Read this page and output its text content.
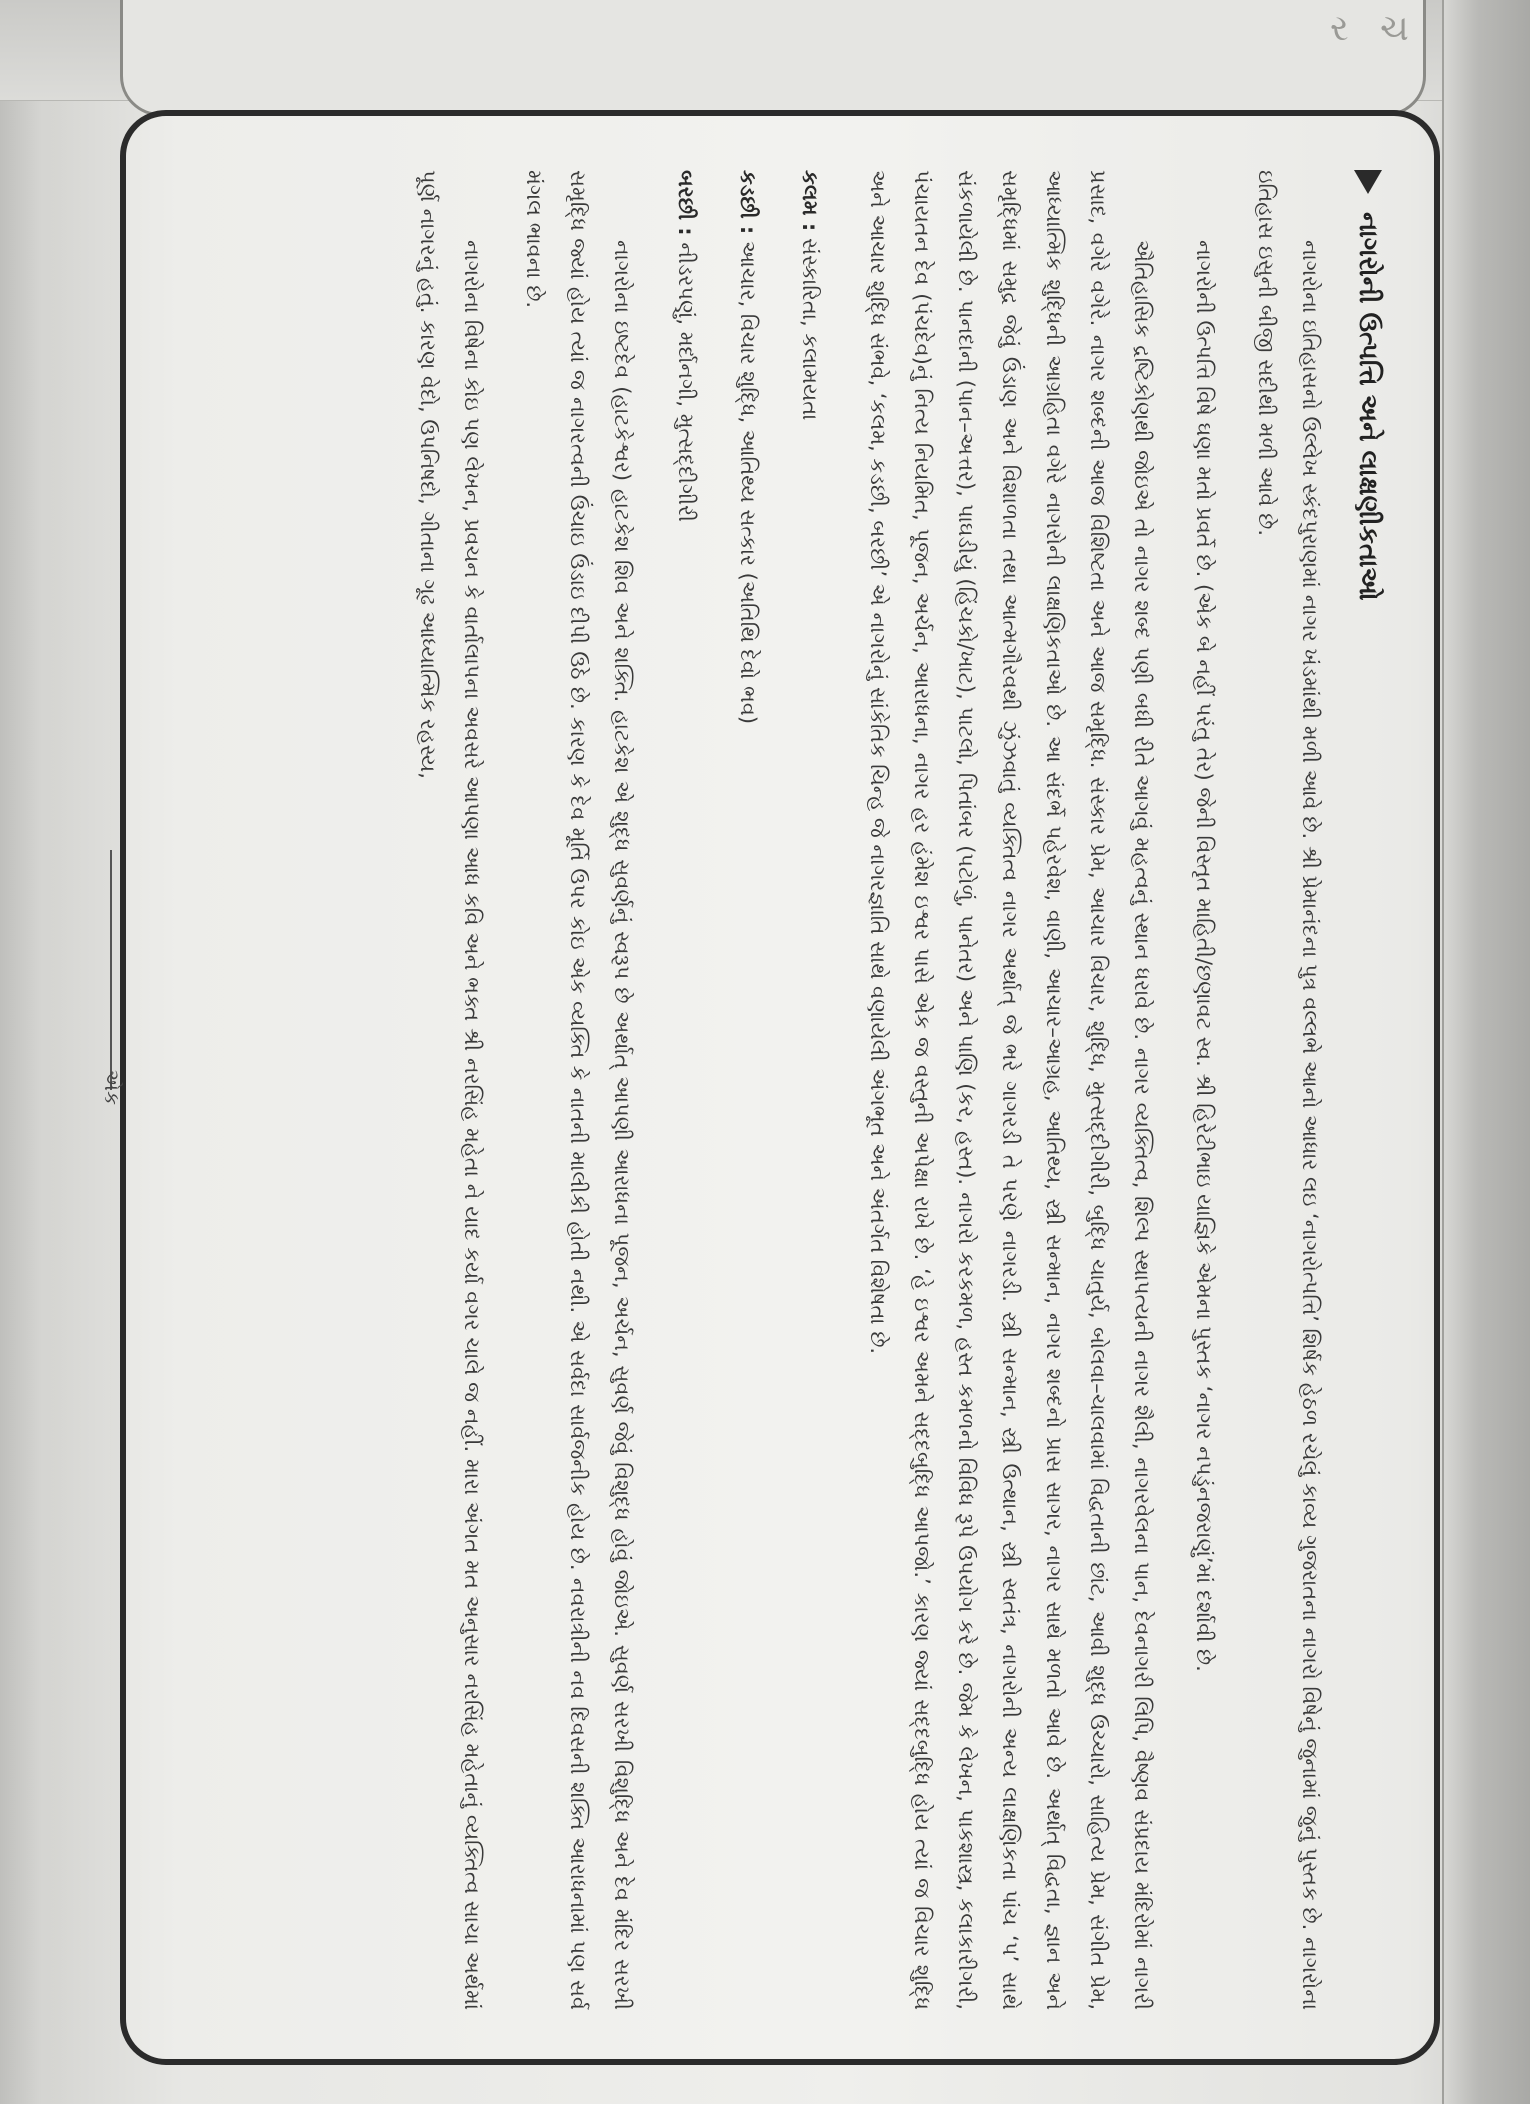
નાગરોની ઉત્પત્તિ અને લાક્ષણીકતાઓ

નાગરોના ઇતિહાસનો ઉલ્લેખ સ્કંદપુરાણમાં નાગર ખંડમાંથી મળી આવે છે. શ્રી પ્રેમાનંદના પુત્ર વલ્લભે આનો આધાર લઇ ‘નાગરોત્પત્તિ’ શિર્ષક હેઠળ રચેલું કાવ્ય ગુજરાતના નાગરો વિષેનું જુનામાં જુનું પુસ્તક છે. નાગરોના ઇતિહાસ ઇસુની બીજી સદીથી મળી આવે છે.

નાગરોની ઉત્પત્તિ વિષે ઘણા મતો પ્રવર્તે છે. (એક બે નહીં પરંતુ તેર) જેની વિસ્તૃત માહિતી/છણાવટ સ્વ. શ્રી હિરેટીભાઇ યાજ્ઞિકે એમના પુસ્તક ‘નાગર નપડુંનજરાણું’માં દર્શાવી છે.

ઐતિહાસિક દ્રષ્ટિકોણથી જોઇએ તો નાગર શબ્દ પણી બધી રીતે આગવું મહત્વનું સ્થાન ધરાવે છે. નાગર વ્યક્તિત્વ, શિલ્પ સ્થાપત્યની નાગર શૈલી, નાગરવેલના પાન, દેવનાગરી લિપિ, વૈષ્ણવ સંપ્રદાય મંદિરોમાં નાગરી પ્રસાદ, વગેરે વગેરે. નાગર શબ્દની આજ વિશિષ્ટતા અને આજ સમૃદ્ધિ. સંસ્કાર પ્રેમ, આચાર વિચાર, શુદ્ધિ, મુત્સદ્દીગીરી, બુદ્ધિ ચાતુર્ય, બોલવા–ચાલવામાં વિદ્વતાની છાંટ, આવી શુદ્ધ ઉચ્ચારો, સાહિત્ય પ્રેમ, સંગીત પ્રેમ, આધ્યાત્મિક શુદ્ધિની આગ્રહિતા વગેરે નાગરોની લાક્ષણિકતાઓ છે. આ સંદર્ભે પહેરવેશ, વાણી, આચાર–આગ્રહ, આતિથ્ય, સ્ત્રી સન્માન, નાગર શબ્દનો પ્રાસ સાગર, નાગર સાથે મળતો આવે છે. અર્થાત્ વિદ્વતા, જ્ઞાન અને સમૃદ્ધિમાં સમુદ્ર જેવું ઉંડાણ અને વિશાળતા તથા આત્મગૌરવથી ઝુંઝવાતું વ્યક્તિત્વ નાગર અર્થાત્ જે ભરે ગાગરડી તે પરણે નાગરડી. સ્ત્રી સન્માન, સ્ત્રી ઉત્થાન, સ્ત્રી સ્વતંત્ર, નાગરોની અન્ય લાક્ષણિકતા પાંચ ‘પ’ સાથે સંકળાયેલી છે. પાનદાની (પાન–અત્તર), પાઘડીયું (હિંચકો/ખાટ), પાટલો, પિતાંબર (પટોળું, પાનેતર) અને પાણિ (કર, હસ્ત). નાગરો કરકમળ, હસ્ત કમળનો વિવિધ રૂપે ઉપયોગ કરે છે. જેમ કે લેખન, પાકશાસ્ત્ર, કલાકારીગરી, પંચાયતન દેવ (પંચદેવ)નું નિત્ય નિયમિત, પૂજન, અર્ચન, આરાધના, નાગર હર હંમેશ ઇશ્વર પાસે એક જ વસ્તુની અપેક્ષા રાખે છે. ‘હે ઇશ્વર અમને સદ્દબુદ્ધિ આપજો.’ કારણ જ્યાં સદ્દબુદ્ધિ હોય ત્યાં જ વિચાર શુદ્ધિ અને આચાર શુદ્ધિ સંભવે, ‘કલમ, કડછી, બરછી’ એ નાગરોનું સાંકેતિક ચિન્હ જે નાગરજ્ઞાતિ સાથે વણાયેલી અંગભૂત અને અંતર્ગત વિશેષતા છે.

કલમ : સંસ્કારિતા, કલામયતા
કડછી : આચાર, વિચાર શુદ્ધિ, આતિથ્ય સત્કાર (અતિથિ દેવો ભવ)
બરછી : નીડરપણું, મર્દાનગી, મુત્સદ્દીગીરી

નાગરોના ઇષ્ટદેવ (હાટકેશ્વર) હાટકેશ શિવ અને શક્તિ. હાટકેશ એ શુદ્ધ સુવર્ણનું સ્વરૂપ છે અર્થાત્ આપણી આરાધના પૂજન, અર્ચન, સુવર્ણ જેવું વિશુદ્ધ હોવું જોઇએ. સુવર્ણ સરખી વિશુદ્ધિ અને દેવ મંદિર સરખી સમૃદ્ધિ જ્યાં હોય ત્યાં જ નાગરત્વની ઉંચાઇ ઉંડાઇ દીપી ઉઠે છે. કારણ કે દેવ મૂર્તિ ઉપર કોઇ એક વ્યક્તિ કે નાતની માલીકી હોતી નથી. એ સર્વદા સાર્વજનીક હોય છે. નવરાત્રીની નવ દિવસની શક્તિ આરાધનામાં પણ સર્વ મંગલ ભાવના છે.

નાગરોના વિષેના કોઇ પણ લેખન, પ્રવચન કે વાર્તાલાપના અવસરે આપણા આધ કવિ અને ભક્ત શ્રી નરસિંહ મહેતા ને યાદ કર્યા વગર ચાલે જ નહીં. મારા અંગત મત અનુસાર નરસિંહ મહેતાનું વ્યક્તિત્વ સાચા અર્થમાં પૂર્ણ નાગરનું હતું. કારણ વેદો, ઉપનિષદો, ગીતાના ગૂઢ આધ્યાત્મિક રહસ્ય,

એક
ર ચ
